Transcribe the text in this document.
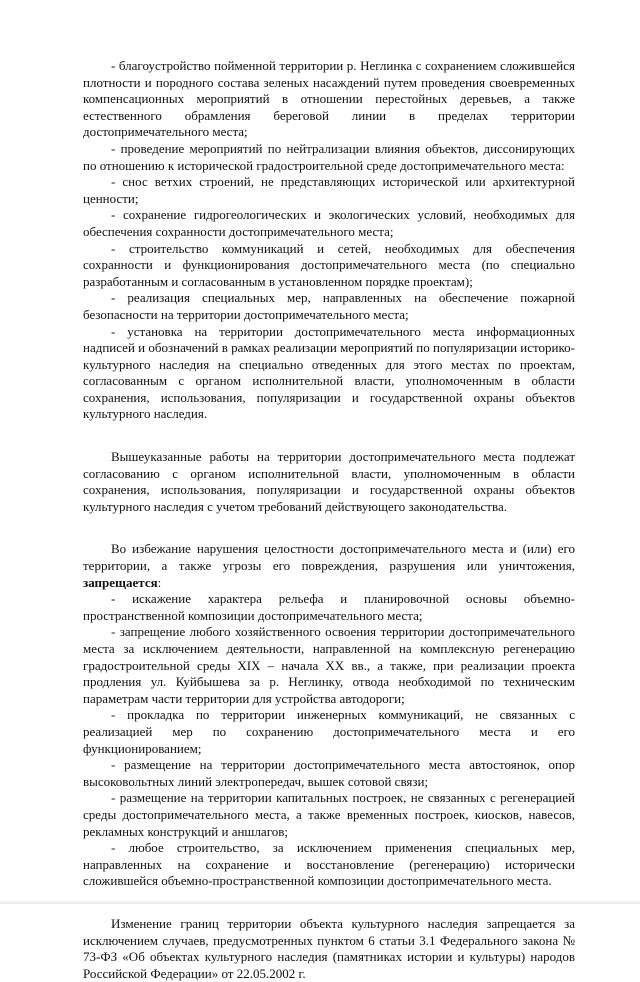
- благоустройство пойменной территории р. Неглинка с сохранением сложившейся плотности и породного состава зеленых насаждений путем проведения своевременных компенсационных мероприятий в отношении перестойных деревьев, а также естественного обрамления береговой линии в пределах территории достопримечательного места;

- проведение мероприятий по нейтрализации влияния объектов, диссонирующих по отношению к исторической градостроительной среде достопримечательного места:

- снос ветхих строений, не представляющих исторической или архитектурной ценности;

- сохранение гидрогеологических и экологических условий, необходимых для обеспечения сохранности достопримечательного места;

- строительство коммуникаций и сетей, необходимых для обеспечения сохранности и функционирования достопримечательного места (по специально разработанным и согласованным в установленном порядке проектам);

- реализация специальных мер, направленных на обеспечение пожарной безопасности на территории достопримечательного места;

- установка на территории достопримечательного места информационных надписей и обозначений в рамках реализации мероприятий по популяризации историко-культурного наследия на специально отведенных для этого местах по проектам, согласованным с органом исполнительной власти, уполномоченным в области сохранения, использования, популяризации и государственной охраны объектов культурного наследия.

Вышеуказанные работы на территории достопримечательного места подлежат согласованию с органом исполнительной власти, уполномоченным в области сохранения, использования, популяризации и государственной охраны объектов культурного наследия с учетом требований действующего законодательства.

Во избежание нарушения целостности достопримечательного места и (или) его территории, а также угрозы его повреждения, разрушения или уничтожения, запрещается:

- искажение характера рельефа и планировочной основы объемно-пространственной композиции достопримечательного места;

- запрещение любого хозяйственного освоения территории достопримечательного места за исключением деятельности, направленной на комплексную регенерацию градостроительной среды XIX – начала XX вв., а также, при реализации проекта продления ул. Куйбышева за р. Неглинку, отвода необходимой по техническим параметрам части территории для устройства автодороги;

- прокладка по территории инженерных коммуникаций, не связанных с реализацией мер по сохранению достопримечательного места и его функционированием;

- размещение на территории достопримечательного места автостоянок, опор высоковольтных линий электропередач, вышек сотовой связи;

- размещение на территории капитальных построек, не связанных с регенерацией среды достопримечательного места, а также временных построек, киосков, навесов, рекламных конструкций и аншлагов;

- любое строительство, за исключением применения специальных мер, направленных на сохранение и восстановление (регенерацию) исторически сложившейся объемно-пространственной композиции достопримечательного места.

Изменение границ территории объекта культурного наследия запрещается за исключением случаев, предусмотренных пунктом 6 статьи 3.1 Федерального закона № 73-ФЗ «Об объектах культурного наследия (памятниках истории и культуры) народов Российской Федерации» от 22.05.2002 г.
